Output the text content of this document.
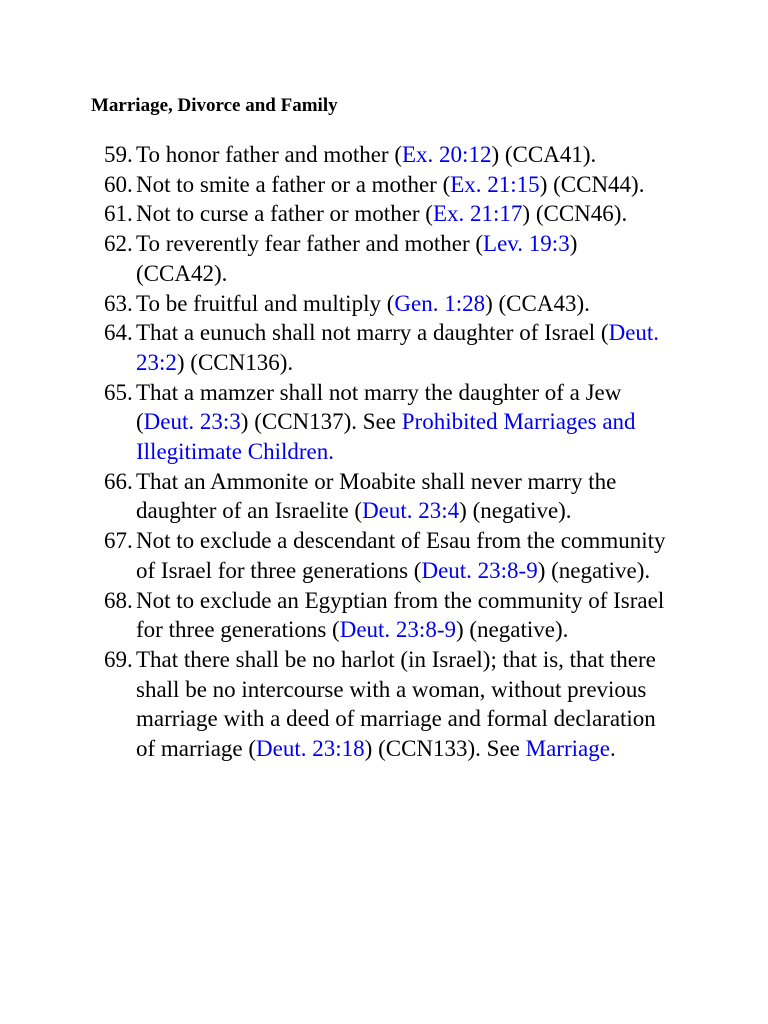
Marriage, Divorce and Family
59. To honor father and mother (Ex. 20:12) (CCA41).
60. Not to smite a father or a mother (Ex. 21:15) (CCN44).
61. Not to curse a father or mother (Ex. 21:17) (CCN46).
62. To reverently fear father and mother (Lev. 19:3) (CCA42).
63. To be fruitful and multiply (Gen. 1:28) (CCA43).
64. That a eunuch shall not marry a daughter of Israel (Deut. 23:2) (CCN136).
65. That a mamzer shall not marry the daughter of a Jew (Deut. 23:3) (CCN137). See Prohibited Marriages and Illegitimate Children.
66. That an Ammonite or Moabite shall never marry the daughter of an Israelite (Deut. 23:4) (negative).
67. Not to exclude a descendant of Esau from the community of Israel for three generations (Deut. 23:8-9) (negative).
68. Not to exclude an Egyptian from the community of Israel for three generations (Deut. 23:8-9) (negative).
69. That there shall be no harlot (in Israel); that is, that there shall be no intercourse with a woman, without previous marriage with a deed of marriage and formal declaration of marriage (Deut. 23:18) (CCN133). See Marriage.
